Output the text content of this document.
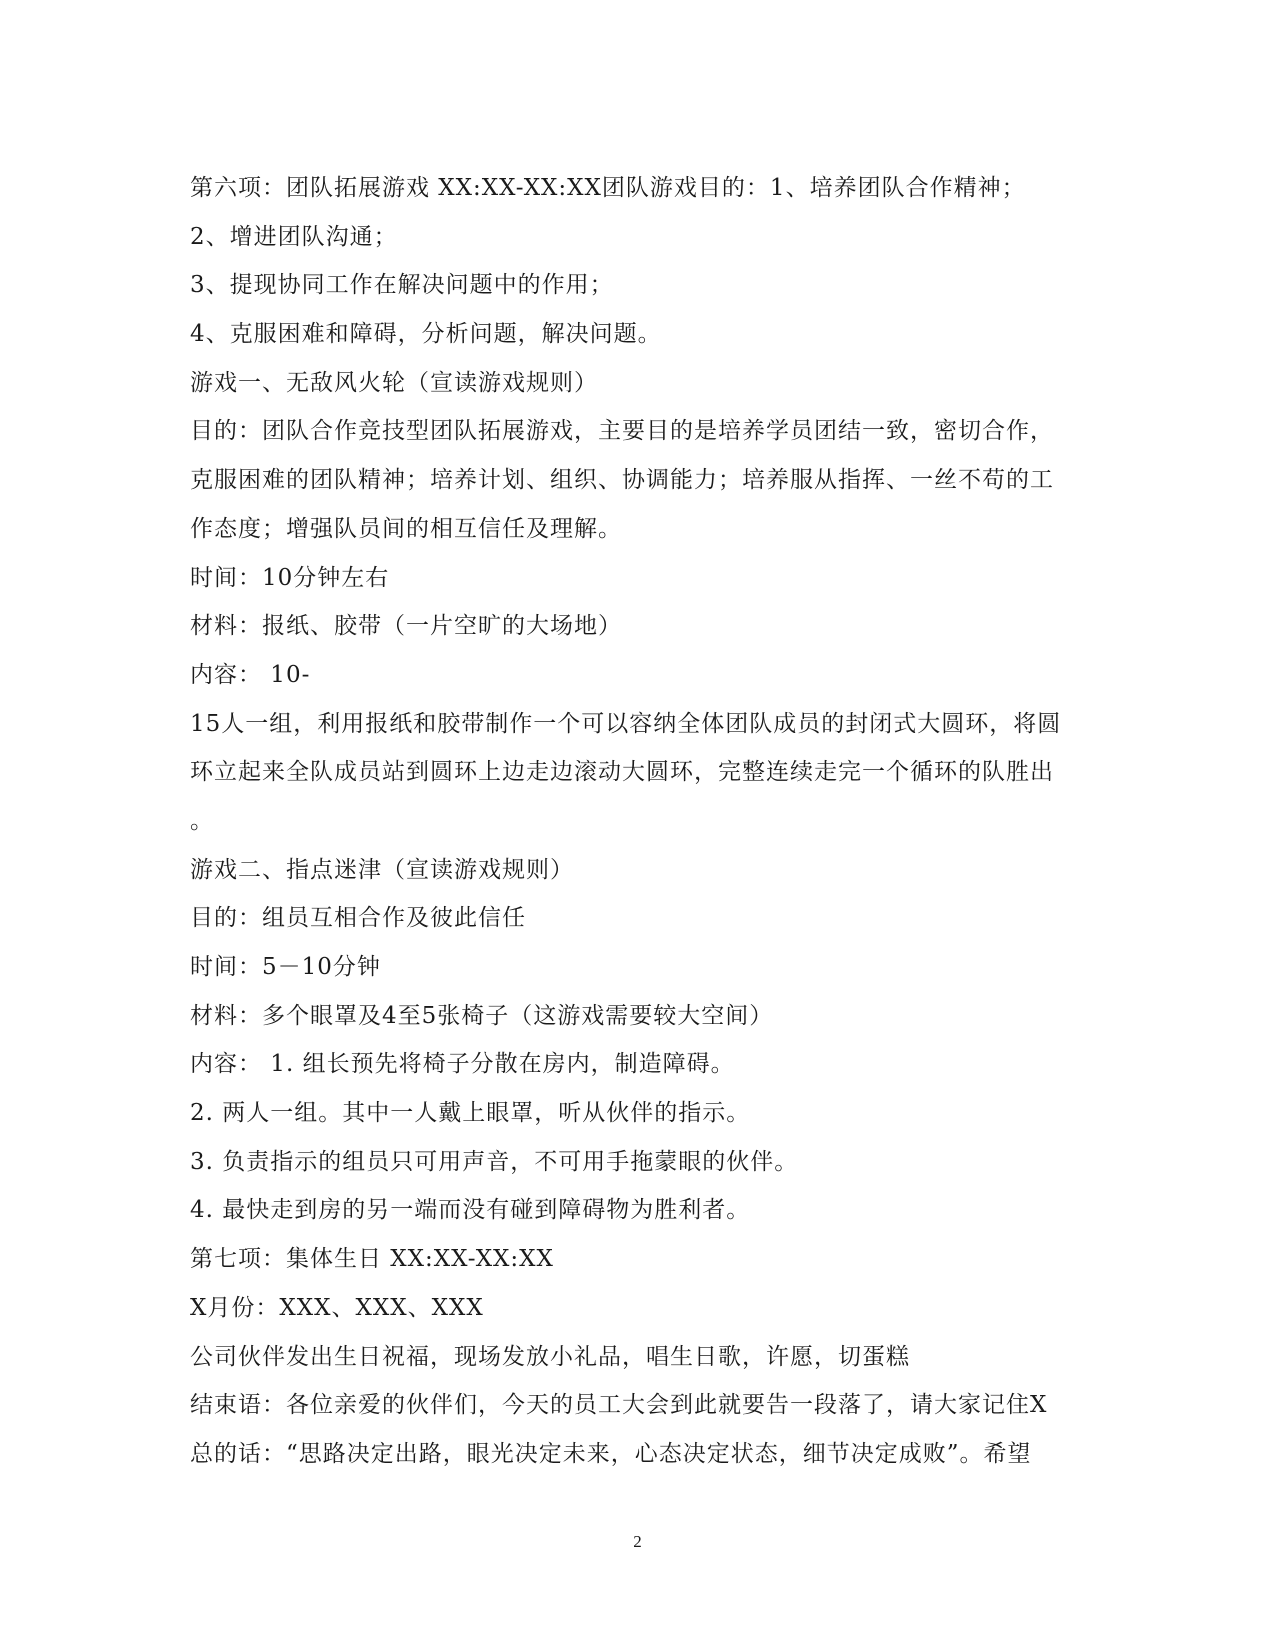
第六项：团队拓展游戏 XX:XX-XX:XX团队游戏目的：1、培养团队合作精神；
2、增进团队沟通；
3、提现协同工作在解决问题中的作用；
4、克服困难和障碍，分析问题，解决问题。
游戏一、无敌风火轮（宣读游戏规则）
目的：团队合作竞技型团队拓展游戏，主要目的是培养学员团结一致，密切合作，
克服困难的团队精神；培养计划、组织、协调能力；培养服从指挥、一丝不苟的工
作态度；增强队员间的相互信任及理解。
时间：10分钟左右
材料：报纸、胶带（一片空旷的大场地）
内容： 10-
15人一组，利用报纸和胶带制作一个可以容纳全体团队成员的封闭式大圆环，将圆
环立起来全队成员站到圆环上边走边滚动大圆环，完整连续走完一个循环的队胜出
。
游戏二、指点迷津（宣读游戏规则）
目的：组员互相合作及彼此信任
时间：5－10分钟
材料：多个眼罩及4至5张椅子（这游戏需要较大空间）
内容： 1. 组长预先将椅子分散在房内，制造障碍。
2. 两人一组。其中一人戴上眼罩，听从伙伴的指示。
3. 负责指示的组员只可用声音，不可用手拖蒙眼的伙伴。
4. 最快走到房的另一端而没有碰到障碍物为胜利者。
第七项：集体生日 XX:XX-XX:XX
X月份：XXX、XXX、XXX
公司伙伴发出生日祝福，现场发放小礼品，唱生日歌，许愿，切蛋糕
结束语：各位亲爱的伙伴们，今天的员工大会到此就要告一段落了，请大家记住X
总的话：“思路决定出路，眼光决定未来，心态决定状态，细节决定成败”。希望
2
